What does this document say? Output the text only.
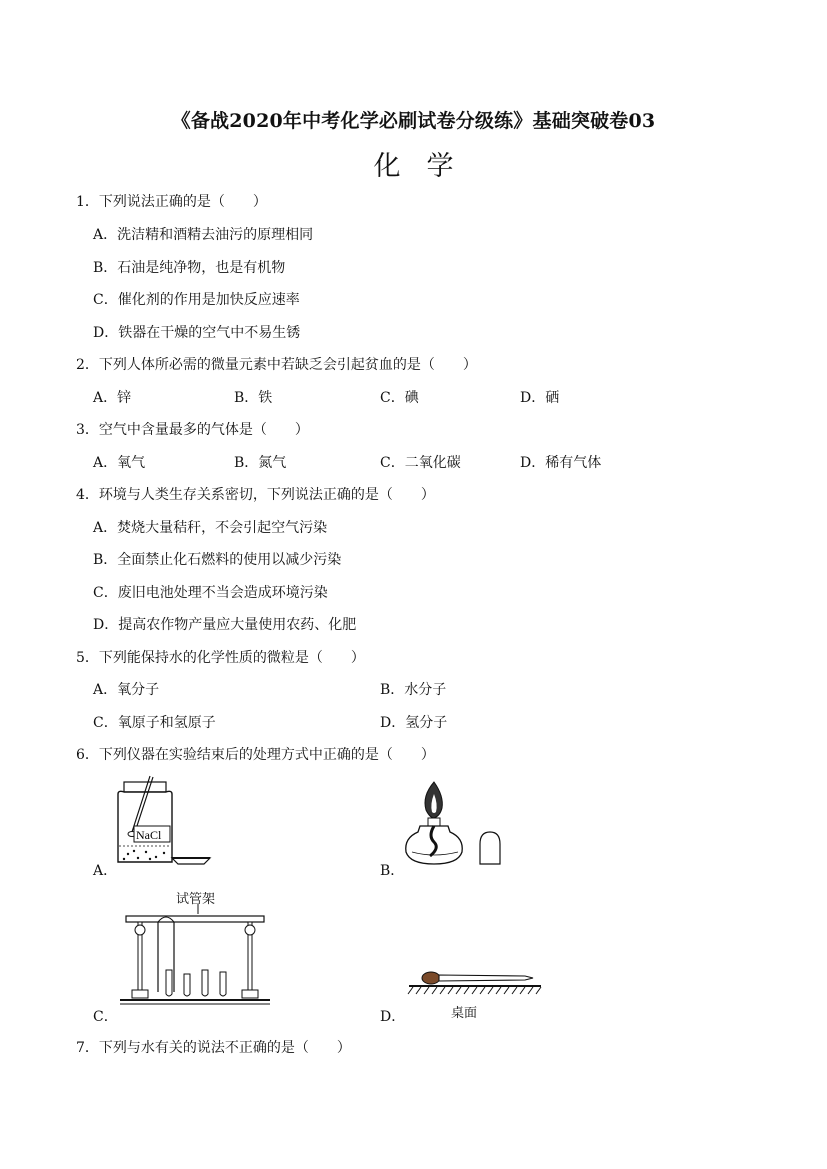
《备战2020年中考化学必刷试卷分级练》基础突破卷03
化学
1．下列说法正确的是（　　）
A．洗洁精和酒精去油污的原理相同
B．石油是纯净物，也是有机物
C．催化剂的作用是加快反应速率
D．铁器在干燥的空气中不易生锈
2．下列人体所必需的微量元素中若缺乏会引起贫血的是（　　）
A．锌	B．铁	C．碘	D．硒
3．空气中含量最多的气体是（　　）
A．氧气	B．氮气	C．二氧化碳	D．稀有气体
4．环境与人类生存关系密切，下列说法正确的是（　　）
A．焚烧大量秸秆，不会引起空气污染
B．全面禁止化石燃料的使用以减少污染
C．废旧电池处理不当会造成环境污染
D．提高农作物产量应大量使用农药、化肥
5．下列能保持水的化学性质的微粒是（　　）
A．氧分子	B．水分子
C．氧原子和氢原子	D．氢分子
6．下列仪器在实验结束后的处理方式中正确的是（　　）
NaCl
A．	B．
试管架
C．	桌面
D．
7．下列与水有关的说法不正确的是（　　）
